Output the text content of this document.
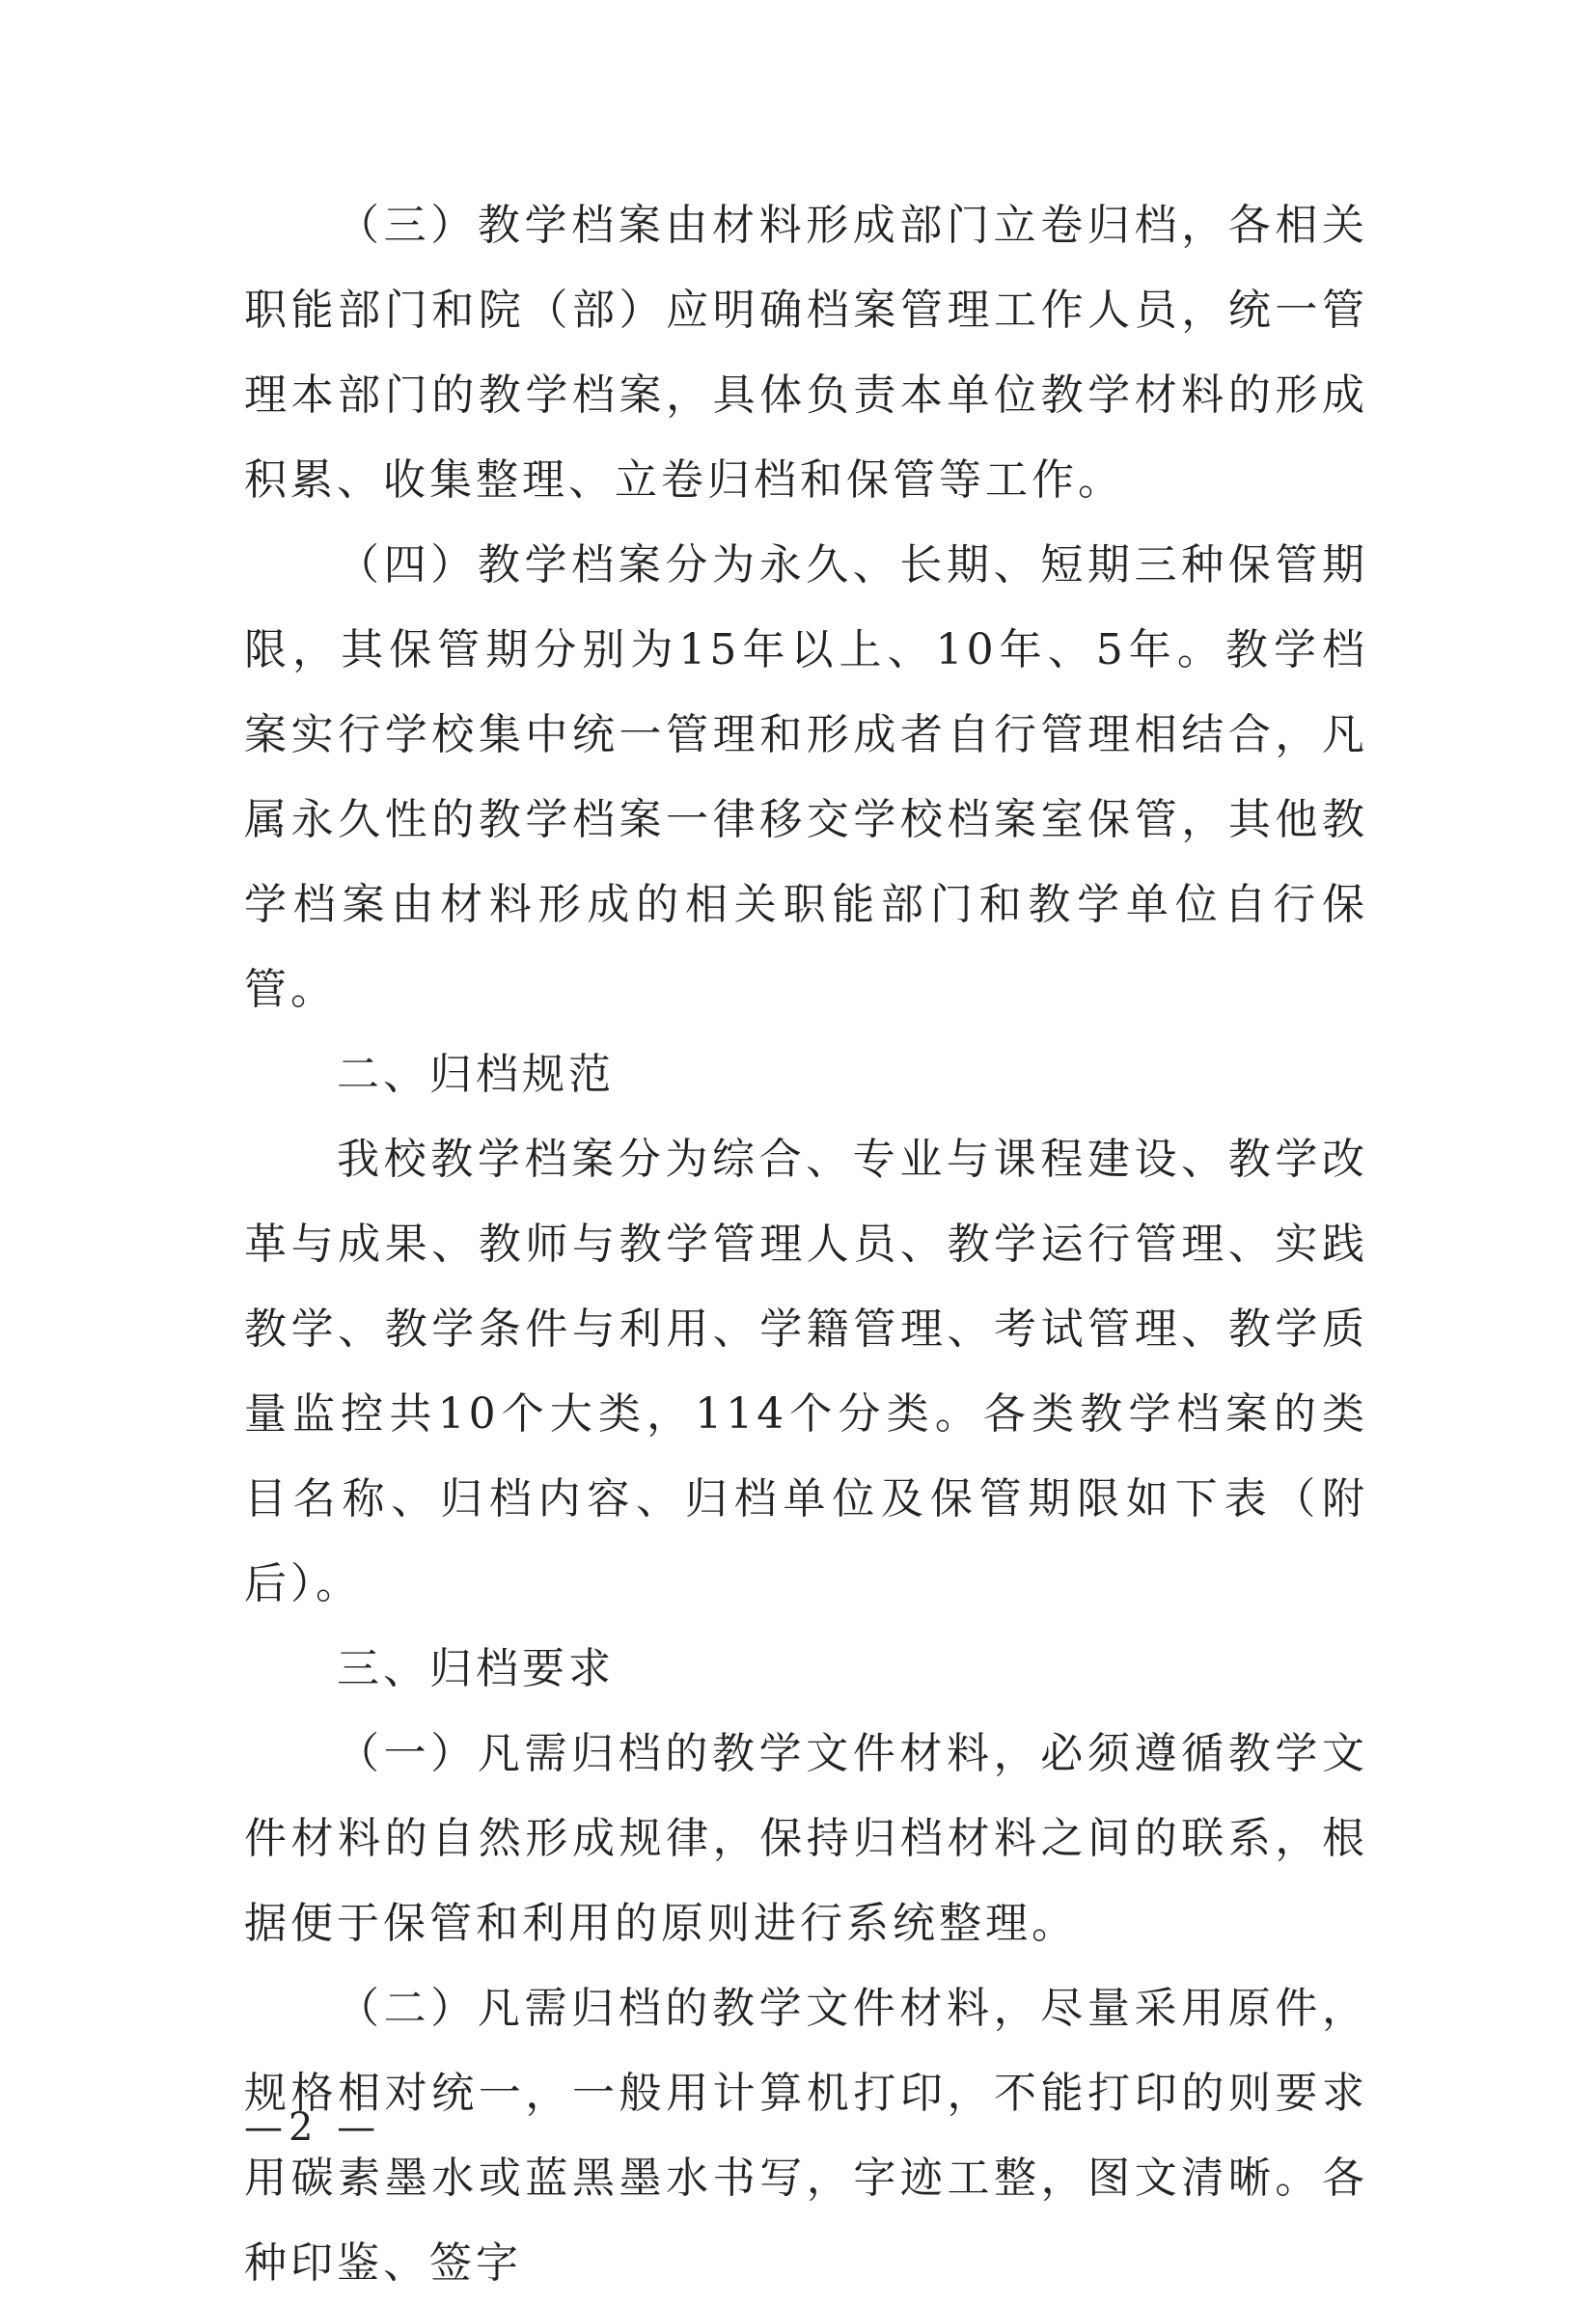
（三）教学档案由材料形成部门立卷归档，各相关职能部门和院（部）应明确档案管理工作人员，统一管理本部门的教学档案，具体负责本单位教学材料的形成积累、收集整理、立卷归档和保管等工作。

（四）教学档案分为永久、长期、短期三种保管期限，其保管期分别为15年以上、10年、5年。教学档案实行学校集中统一管理和形成者自行管理相结合，凡属永久性的教学档案一律移交学校档案室保管，其他教学档案由材料形成的相关职能部门和教学单位自行保管。

二、归档规范

我校教学档案分为综合、专业与课程建设、教学改革与成果、教师与教学管理人员、教学运行管理、实践教学、教学条件与利用、学籍管理、考试管理、教学质量监控共10个大类，114个分类。各类教学档案的类目名称、归档内容、归档单位及保管期限如下表（附后）。

三、归档要求

（一）凡需归档的教学文件材料，必须遵循教学文件材料的自然形成规律，保持归档材料之间的联系，根据便于保管和利用的原则进行系统整理。

（二）凡需归档的教学文件材料，尽量采用原件，规格相对统一，一般用计算机打印，不能打印的则要求用碳素墨水或蓝黑墨水书写，字迹工整，图文清晰。各种印鉴、签字

—2 —
